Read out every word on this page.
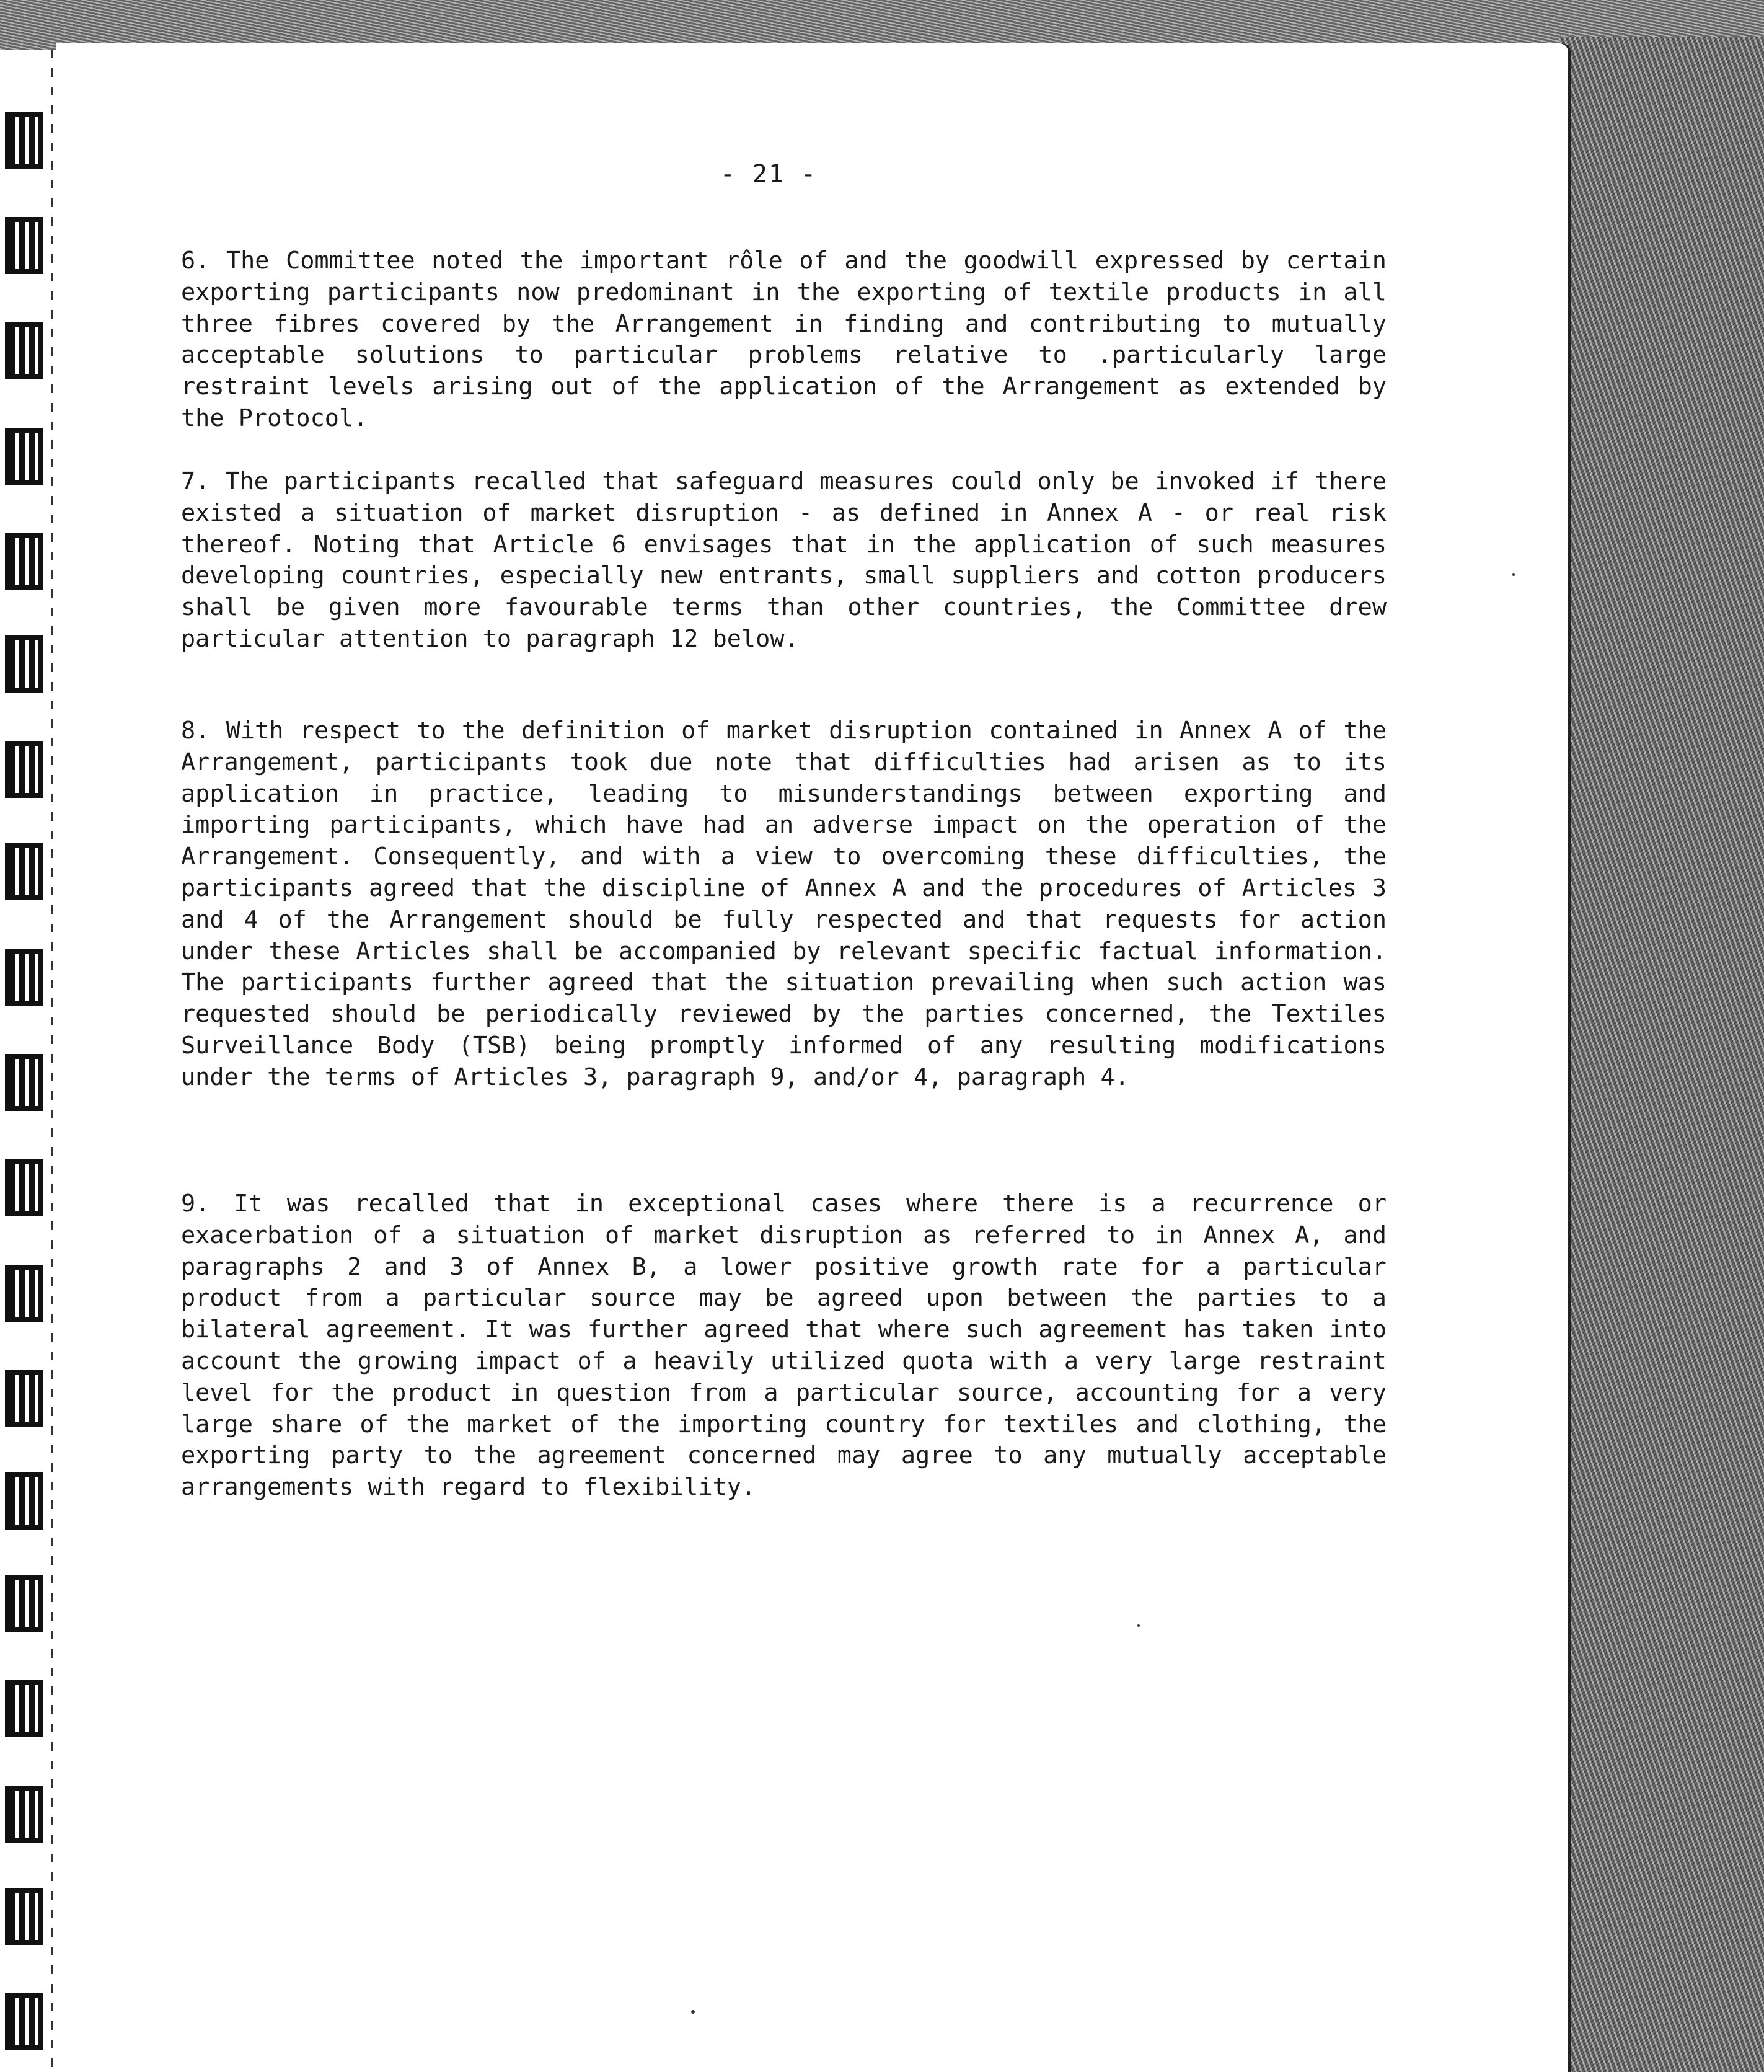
- 21 -

6. The Committee noted the important rôle of and the goodwill expressed by certain exporting participants now predominant in the exporting of textile products in all three fibres covered by the Arrangement in finding and contributing to mutually acceptable solutions to particular problems relative to .particularly large restraint levels arising out of the application of the Arrangement as extended by the Protocol.

7. The participants recalled that safeguard measures could only be invoked if there existed a situation of market disruption - as defined in Annex A - or real risk thereof. Noting that Article 6 envisages that in the application of such measures developing countries, especially new entrants, small suppliers and cotton producers shall be given more favourable terms than other countries, the Committee drew particular attention to paragraph 12 below.

8. With respect to the definition of market disruption contained in Annex A of the Arrangement, participants took due note that difficulties had arisen as to its application in practice, leading to misunderstandings between exporting and importing participants, which have had an adverse impact on the operation of the Arrangement. Consequently, and with a view to overcoming these difficulties, the participants agreed that the discipline of Annex A and the procedures of Articles 3 and 4 of the Arrangement should be fully respected and that requests for action under these Articles shall be accompanied by relevant specific factual information. The participants further agreed that the situation prevailing when such action was requested should be periodically reviewed by the parties concerned, the Textiles Surveillance Body (TSB) being promptly informed of any resulting modifications under the terms of Articles 3, paragraph 9, and/or 4, paragraph 4.

9. It was recalled that in exceptional cases where there is a recurrence or exacerbation of a situation of market disruption as referred to in Annex A, and paragraphs 2 and 3 of Annex B, a lower positive growth rate for a particular product from a particular source may be agreed upon between the parties to a bilateral agreement. It was further agreed that where such agreement has taken into account the growing impact of a heavily utilized quota with a very large restraint level for the product in question from a particular source, accounting for a very large share of the market of the importing country for textiles and clothing, the exporting party to the agreement concerned may agree to any mutually acceptable arrangements with regard to flexibility.
